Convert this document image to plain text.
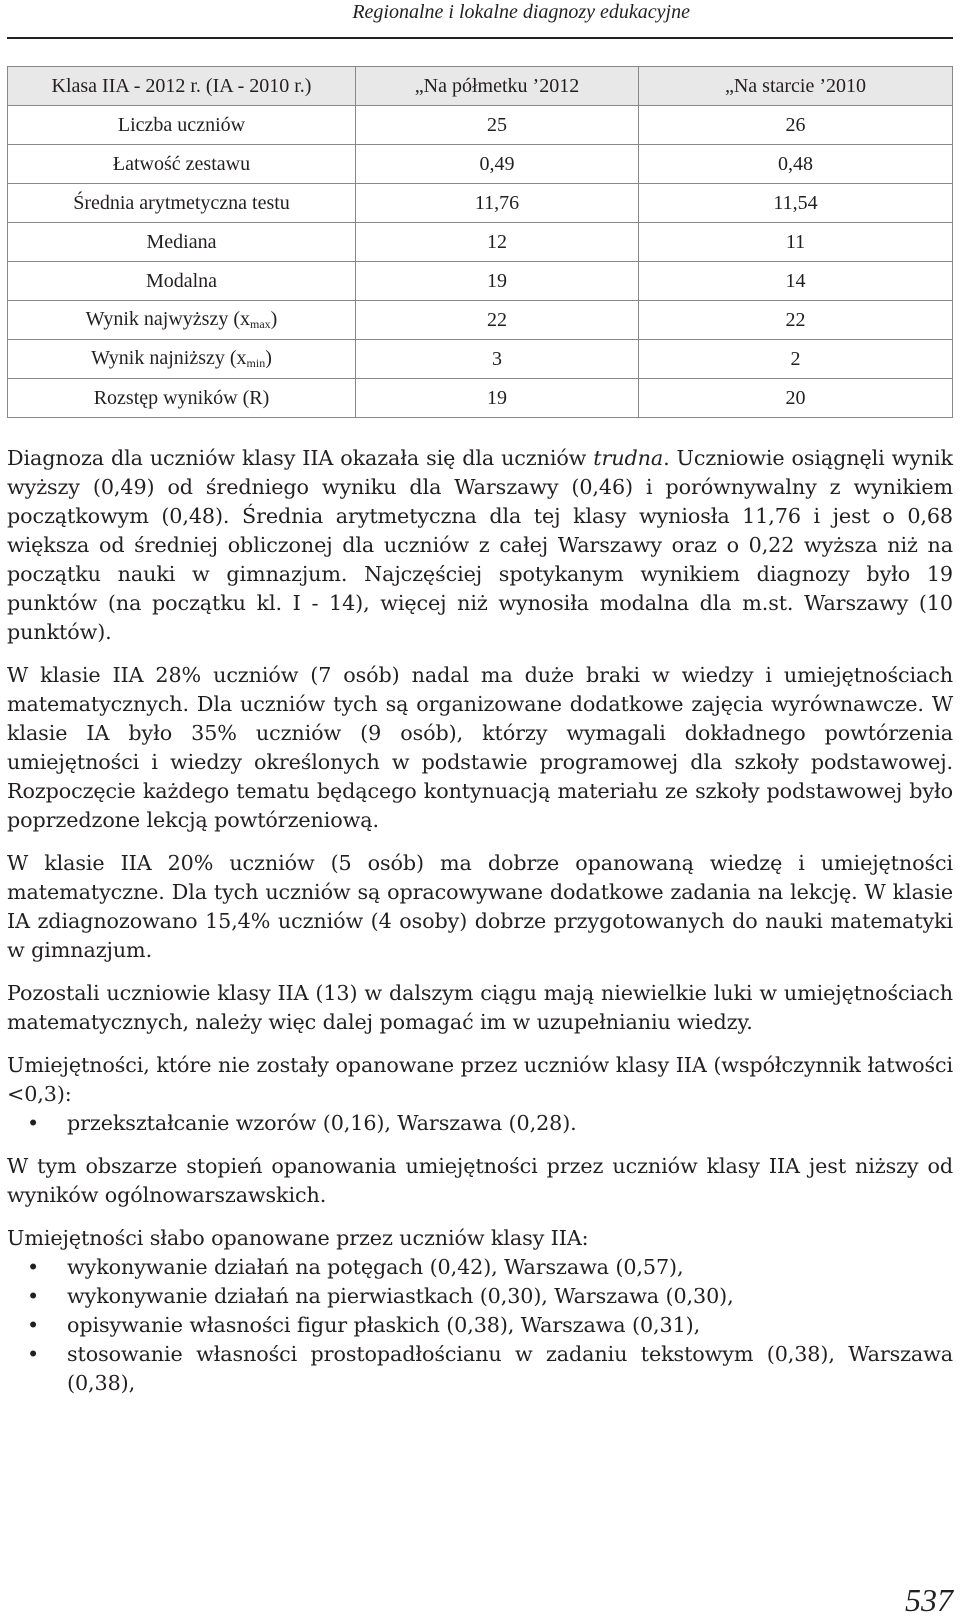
Regionalne i lokalne diagnozy edukacyjne
Klasa IIA - 2012 r. (IA - 2010 r.)	„Na półmetku ’2012	„Na starcie ’2010
Liczba uczniów	25	26
Łatwość zestawu	0,49	0,48
Średnia arytmetyczna testu	11,76	11,54
Mediana	12	11
Modalna	19	14
Wynik najwyższy $(x_{max})$	22	22
Wynik najniższy $(x_{min})$	3	2
Rozstęp wyników (R)	19	20

Diagnoza dla uczniów klasy IIA okazała się dla uczniów trudna. Uczniowie osiągnęli wynik wyższy (0,49) od średniego wyniku dla Warszawy (0,46) i porównywalny z wynikiem początkowym (0,48). Średnia arytmetyczna dla tej klasy wyniosła 11,76 i jest o 0,68 większa od średniej obliczonej dla uczniów z całej Warszawy oraz o 0,22 wyższa niż na początku nauki w gimnazjum. Najczęściej spotykanym wynikiem diagnozy było 19 punktów (na początku kl. I - 14), więcej niż wynosiła modalna dla m.st. Warszawy (10 punktów).

W klasie IIA 28% uczniów (7 osób) nadal ma duże braki w wiedzy i umiejętnościach matematycznych. Dla uczniów tych są organizowane dodatkowe zajęcia wyrównawcze. W klasie IA było 35% uczniów (9 osób), którzy wymagali dokładnego powtórzenia umiejętności i wiedzy określonych w podstawie programowej dla szkoły podstawowej. Rozpoczęcie każdego tematu będącego kontynuacją materiału ze szkoły podstawowej było poprzedzone lekcją powtórzeniową.

W klasie IIA 20% uczniów (5 osób) ma dobrze opanowaną wiedzę i umiejętności matematyczne. Dla tych uczniów są opracowywane dodatkowe zadania na lekcję. W klasie IA zdiagnozowano 15,4% uczniów (4 osoby) dobrze przygotowanych do nauki matematyki w gimnazjum.

Pozostali uczniowie klasy IIA (13) w dalszym ciągu mają niewielkie luki w umiejętnościach matematycznych, należy więc dalej pomagać im w uzupełnianiu wiedzy.

Umiejętności, które nie zostały opanowane przez uczniów klasy IIA (współczynnik łatwości <0,3):

• przekształcanie wzorów (0,16), Warszawa (0,28).

W tym obszarze stopień opanowania umiejętności przez uczniów klasy IIA jest niższy od wyników ogólnowarszawskich.

Umiejętności słabo opanowane przez uczniów klasy IIA:

• wykonywanie działań na potęgach (0,42), Warszawa (0,57),
• wykonywanie działań na pierwiastkach (0,30), Warszawa (0,30),
• opisywanie własności figur płaskich (0,38), Warszawa (0,31),
• stosowanie własności prostopadłościanu w zadaniu tekstowym (0,38), Warszawa (0,38),
537
